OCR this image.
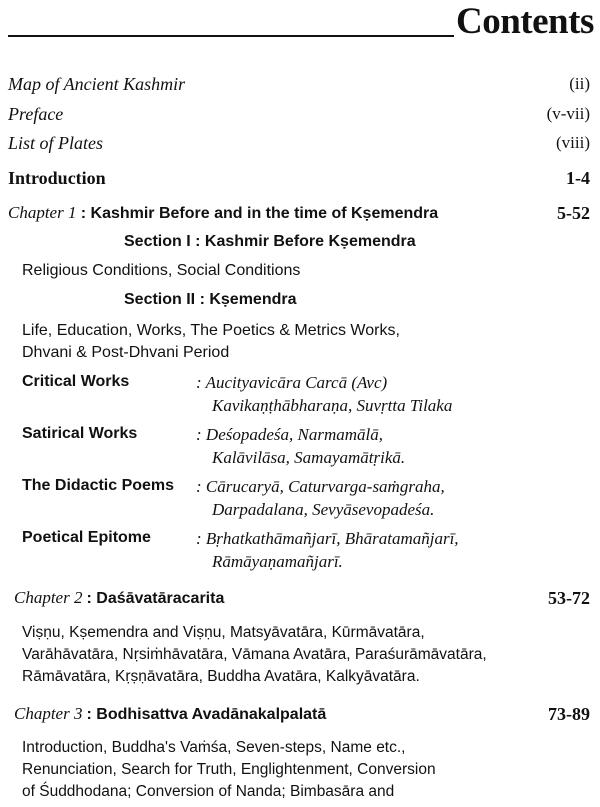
Contents
Map of Ancient Kashmir	(ii)
Preface	(v-vii)
List of Plates	(viii)
Introduction	1-4
Chapter 1 : Kashmir Before and in the time of Kṣemendra	5-52
Section I : Kashmir Before Kṣemendra
Religious Conditions, Social Conditions
Section II : Kṣemendra
Life, Education, Works, The Poetics & Metrics Works,
Dhvani & Post-Dhvani Period
Critical Works	: Aucityavicāra Carcā (Avc)
Kavikaṇṭhābharaṇa, Suvṛtta Tilaka
Satirical Works	: Deśopadeśa, Narmamālā,
Kalāvilāsa, Samayamātṛikā.
The Didactic Poems : Cārucaryā, Caturvarga-saṁgraha,
Darpadalana, Sevyāsevopadeśa.
Poetical Epitome	: Bṛhatkathāmañjarī, Bhāratamañjarī,
Rāmāyaṇamañjarī.
Chapter 2 : Daśāvatāracarita	53-72
Viṣṇu, Kṣemendra and Viṣṇu, Matsyāvatāra, Kūrmāvatāra,
Varāhāvatāra, Nṛsiṁhāvatāra, Vāmana Avatāra, Paraśurāmāvatāra,
Rāmāvatāra, Kṛṣṇāvatāra, Buddha Avatāra, Kalkyāvatāra.
Chapter 3 : Bodhisattva Avadānakalpalatā	73-89
Introduction, Buddha's Vaṁśa, Seven-steps, Name etc.,
Renunciation, Search for Truth, Englightenment, Conversion
of Śuddhodana; Conversion of Nanda; Bimbasāra and
